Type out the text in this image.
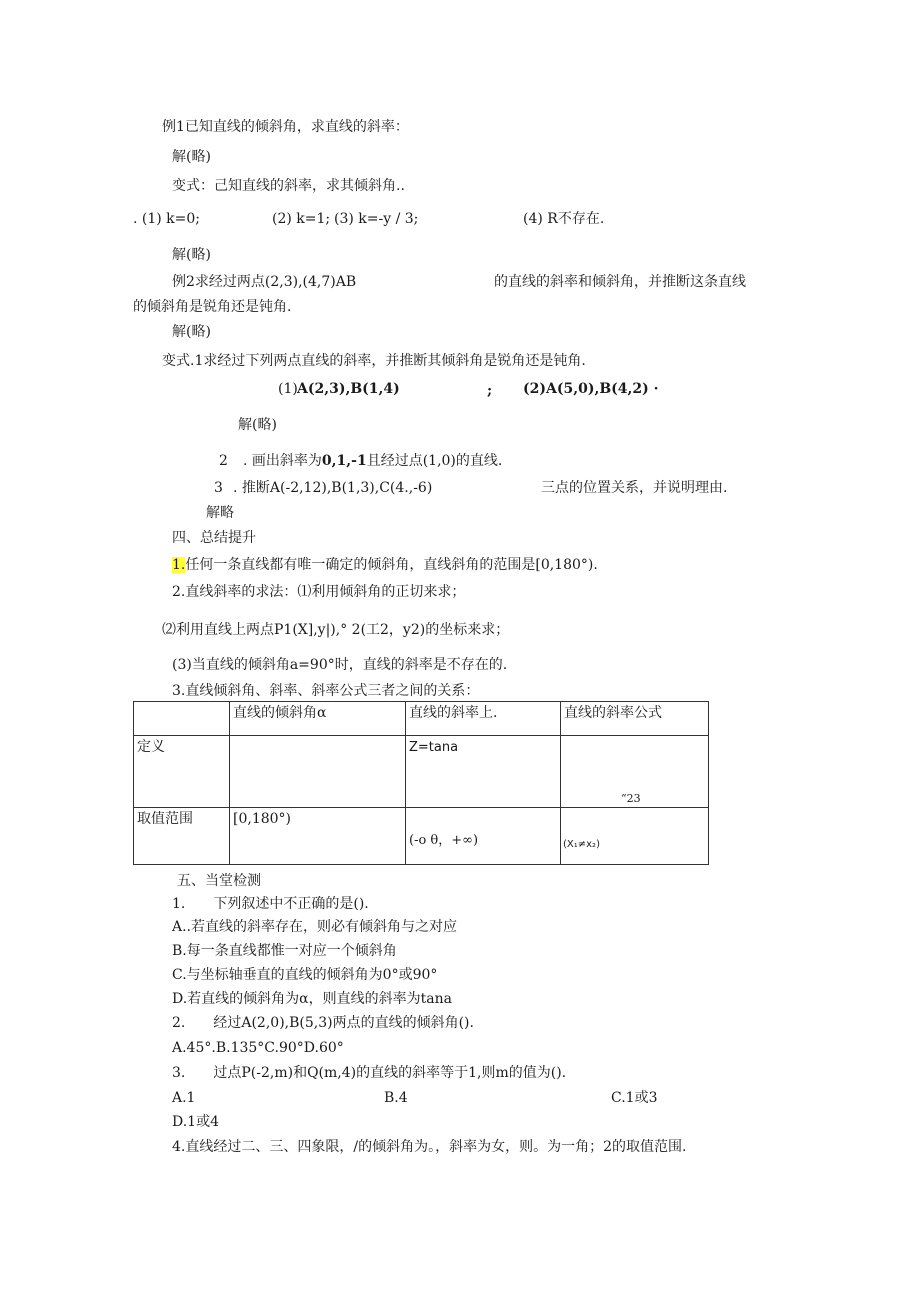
例1已知直线的倾斜角，求直线的斜率：
解(略)
变式：己知直线的斜率，求其倾斜角..
. (1) k=0;	(2) k=1; (3) k=-y / 3;	(4) R不存在.
解(略)
例2求经过两点(2,3),(4,7)AB	的直线的斜率和倾斜角，并推断这条直线
的倾斜角是锐角还是钝角.
解(略)
变式.1求经过下列两点直线的斜率，并推断其倾斜角是锐角还是钝角.
(1) A(2,3),B(1,4)	; (2)A(5,0),B(4,2) ·
解(略)
2 . 画出斜率为0,1,-1且经过点(1,0)的直线.
3 . 推断A(-2,12),B(1,3),C(4.,-6)	三点的位置关系，并说明理由.
解略
四、总结提升
1.任何一条直线都有唯一确定的倾斜角，直线斜角的范围是[0,180°).
2.直线斜率的求法：⑴利用倾斜角的正切来求；
⑵利用直线上两点P1(X],y|),° 2(工2，y2)的坐标来求；
(3)当直线的倾斜角a=90°时，直线的斜率是不存在的.
3.直线倾斜角、斜率、斜率公式三者之间的关系：
	直线的倾斜角α	直线的斜率上.	直线的斜率公式
定义		Z=tana	“23

取值范围	[0,180°)	(-o θ，+∞)	(X₁≠x₂)
五、当堂检测
1.　　下列叙述中不正确的是().
A..若直线的斜率存在，则必有倾斜角与之对应
B.每一条直线都惟一对应一个倾斜角
C.与坐标轴垂直的直线的倾斜角为0°或90°
D.若直线的倾斜角为α，则直线的斜率为tana
2.　　经过A(2,0),B(5,3)两点的直线的倾斜角().
A.45°.B.135°C.90°D.60°
3.　　过点P(-2,m)和Q(m,4)的直线的斜率等于1,则m的值为().
A.1	B.4	C.1或3
D.1或4
4.直线经过二、三、四象限，/的倾斜角为。，斜率为女，则。为一角；2的取值范围.
